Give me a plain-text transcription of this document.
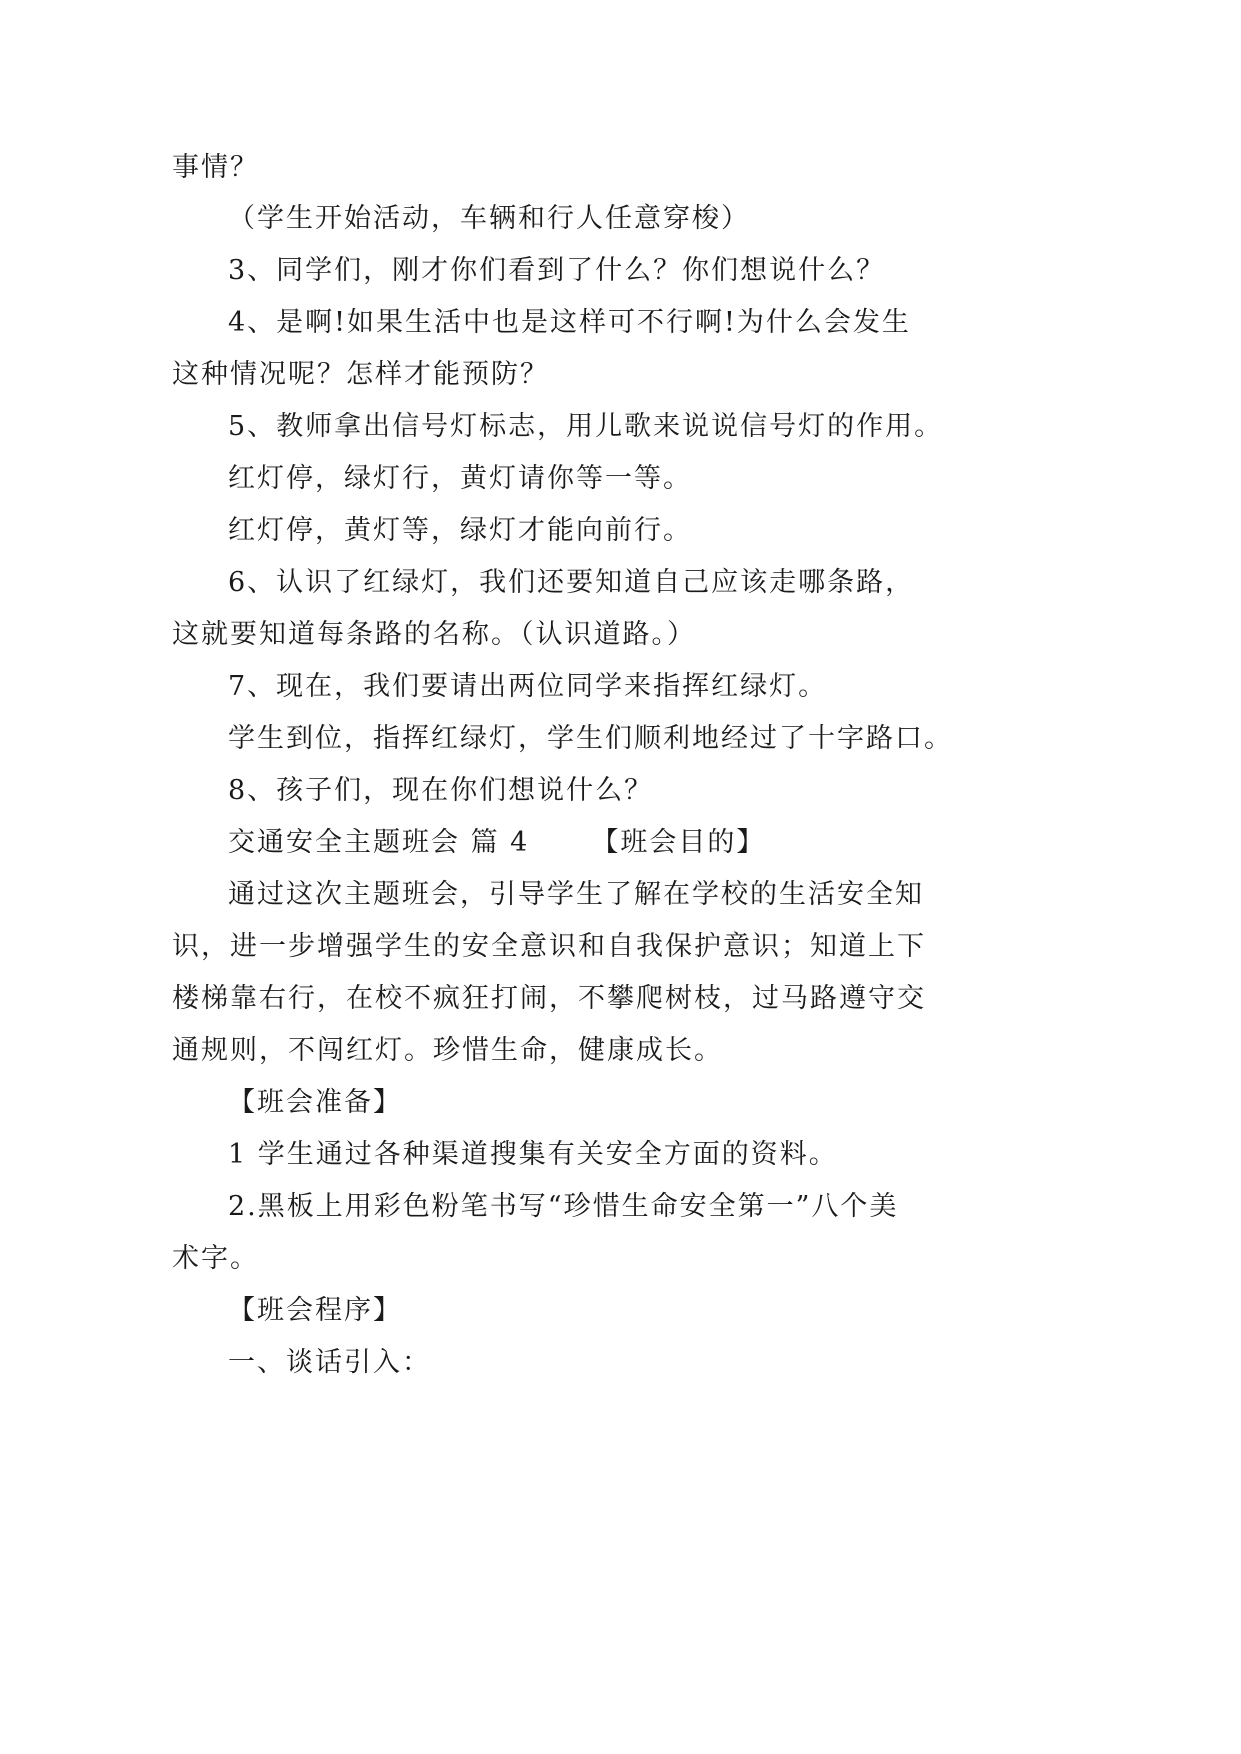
事情？
（学生开始活动，车辆和行人任意穿梭）
3、同学们，刚才你们看到了什么？你们想说什么？
4、是啊!如果生活中也是这样可不行啊!为什么会发生
这种情况呢？怎样才能预防？
5、教师拿出信号灯标志，用儿歌来说说信号灯的作用。
红灯停，绿灯行，黄灯请你等一等。
红灯停，黄灯等，绿灯才能向前行。
6、认识了红绿灯，我们还要知道自己应该走哪条路，
这就要知道每条路的名称。（认识道路。）
7、现在，我们要请出两位同学来指挥红绿灯。
学生到位，指挥红绿灯，学生们顺利地经过了十字路口。
8、孩子们，现在你们想说什么？
交通安全主题班会 篇 4 【班会目的】
通过这次主题班会，引导学生了解在学校的生活安全知
识，进一步增强学生的安全意识和自我保护意识；知道上下
楼梯靠右行，在校不疯狂打闹，不攀爬树枝，过马路遵守交
通规则，不闯红灯。珍惜生命，健康成长。
【班会准备】
1 学生通过各种渠道搜集有关安全方面的资料。
2.黑板上用彩色粉笔书写“珍惜生命安全第一”八个美
术字。
【班会程序】
一、谈话引入：
